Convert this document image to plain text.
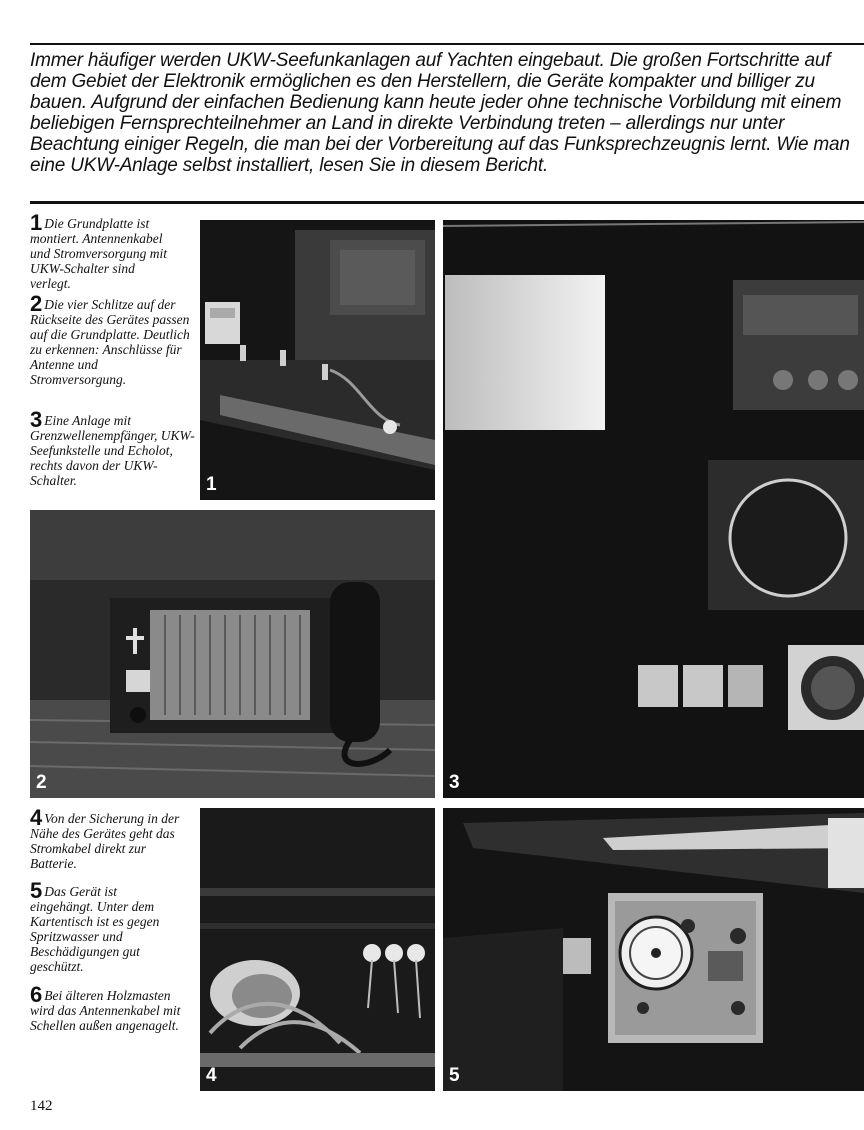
Immer häufiger werden UKW-Seefunkanlagen auf Yachten eingebaut. Die großen Fortschritte auf dem Gebiet der Elektronik ermöglichen es den Herstellern, die Geräte kompakter und billiger zu bauen. Aufgrund der einfachen Bedienung kann heute jeder ohne technische Vorbildung mit einem beliebigen Fernsprechteilnehmer an Land in direkte Verbindung treten – allerdings nur unter Beachtung einiger Regeln, die man bei der Vorbereitung auf das Funksprechzeugnis lernt. Wie man eine UKW-Anlage selbst installiert, lesen Sie in diesem Bericht.

1 Die Grundplatte ist montiert. Antennenkabel und Stromversorgung mit UKW-Schalter sind verlegt.
2 Die vier Schlitze auf der Rückseite des Gerätes passen auf die Grundplatte. Deutlich zu erkennen: Anschlüsse für Antenne und Stromversorgung.
3 Eine Anlage mit Grenzwellenempfänger, UKW-Seefunkstelle und Echolot, rechts davon der UKW-Schalter.
4 Von der Sicherung in der Nähe des Gerätes geht das Stromkabel direkt zur Batterie.
5 Das Gerät ist eingehängt. Unter dem Kartentisch ist es gegen Spritzwasser und Beschädigungen gut geschützt.
6 Bei älteren Holzmasten wird das Antennenkabel mit Schellen außen angenagelt.
1
3
2
4	5
142
